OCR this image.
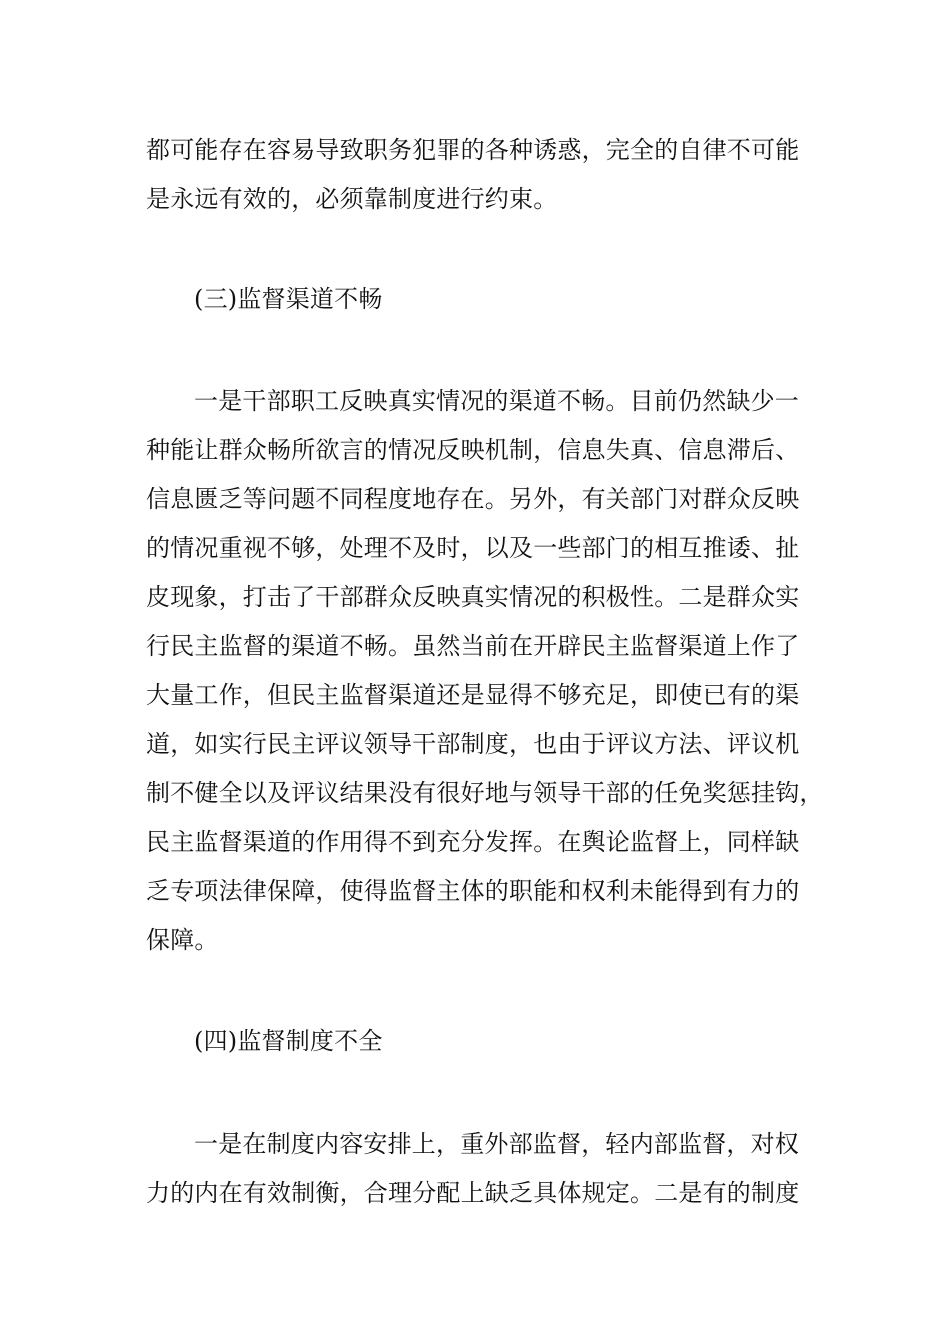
都可能存在容易导致职务犯罪的各种诱惑，完全的自律不可能
是永远有效的，必须靠制度进行约束。
(三)监督渠道不畅
一是干部职工反映真实情况的渠道不畅。目前仍然缺少一
种能让群众畅所欲言的情况反映机制，信息失真、信息滞后、
信息匮乏等问题不同程度地存在。另外，有关部门对群众反映
的情况重视不够，处理不及时，以及一些部门的相互推诿、扯
皮现象，打击了干部群众反映真实情况的积极性。二是群众实
行民主监督的渠道不畅。虽然当前在开辟民主监督渠道上作了
大量工作，但民主监督渠道还是显得不够充足，即使已有的渠
道，如实行民主评议领导干部制度，也由于评议方法、评议机
制不健全以及评议结果没有很好地与领导干部的任免奖惩挂钩，
民主监督渠道的作用得不到充分发挥。在舆论监督上，同样缺
乏专项法律保障，使得监督主体的职能和权利未能得到有力的
保障。
(四)监督制度不全
一是在制度内容安排上，重外部监督，轻内部监督，对权
力的内在有效制衡，合理分配上缺乏具体规定。二是有的制度
